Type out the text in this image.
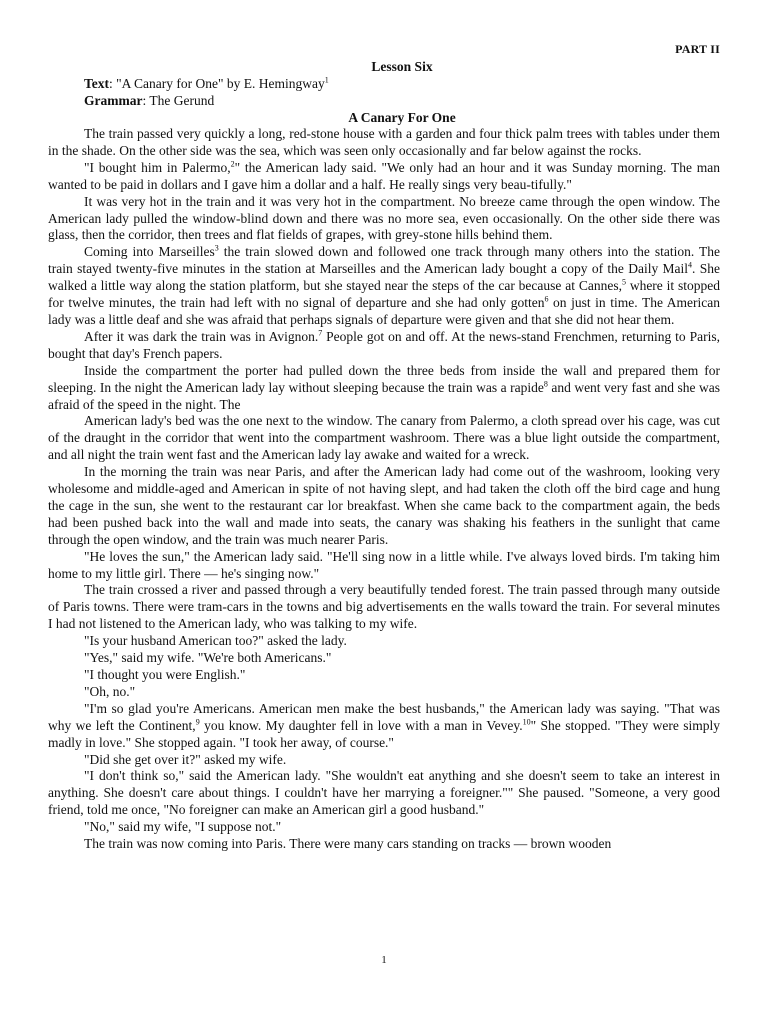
PART II
Lesson Six
Text: "A Canary for One" by E. Hemingway$^1$
Grammar: The Gerund
A Canary For One

The train passed very quickly a long, red-stone house with a garden and four thick palm trees with tables under them in the shade. On the other side was the sea, which was seen only occasionally and far below against the rocks.

"I bought him in Palermo,$^2$" the American lady said. "We only had an hour and it was Sunday morning. The man wanted to be paid in dollars and I gave him a dollar and a half. He really sings very beau-tifully."

It was very hot in the train and it was very hot in the compartment. No breeze came through the open window. The American lady pulled the window-blind down and there was no more sea, even occasionally. On the other side there was glass, then the corridor, then trees and flat fields of grapes, with grey-stone hills behind them.

Coming into Marseilles$^3$ the train slowed down and followed one track through many others into the station. The train stayed twenty-five minutes in the station at Marseilles and the American lady bought a copy of the Daily Mail$^4$. She walked a little way along the station platform, but she stayed near the steps of the car because at Cannes,$^5$ where it stopped for twelve minutes, the train had left with no signal of departure and she had only gotten$^6$ on just in time. The American lady was a little deaf and she was afraid that perhaps signals of departure were given and that she did not hear them.

After it was dark the train was in Avignon.$^7$ People got on and off. At the news-stand Frenchmen, returning to Paris, bought that day's French papers.

Inside the compartment the porter had pulled down the three beds from inside the wall and prepared them for sleeping. In the night the American lady lay without sleeping because the train was a rapide$^8$ and went very fast and she was afraid of the speed in the night. The

American lady's bed was the one next to the window. The canary from Palermo, a cloth spread over his cage, was cut of the draught in the corridor that went into the compartment washroom. There was a blue light outside the compartment, and all night the train went fast and the American lady lay awake and waited for a wreck.

In the morning the train was near Paris, and after the American lady had come out of the washroom, looking very wholesome and middle-aged and American in spite of not having slept, and had taken the cloth off the bird cage and hung the cage in the sun, she went to the restaurant car lor breakfast. When she came back to the compartment again, the beds had been pushed back into the wall and made into seats, the canary was shaking his feathers in the sunlight that came through the open window, and the train was much nearer Paris.

"He loves the sun," the American lady said. "He'll sing now in a little while. I've always loved birds. I'm taking him home to my little girl. There — he's singing now."

The train crossed a river and passed through a very beautifully tended forest. The train passed through many outside of Paris towns. There were tram-cars in the towns and big advertisements en the walls toward the train. For several minutes I had not listened to the American lady, who was talking to my wife.

"Is your husband American too?" asked the lady.

"Yes," said my wife. "We're both Americans."

"I thought you were English."

"Oh, no."

"I'm so glad you're Americans. American men make the best husbands," the American lady was saying. "That was why we left the Continent,$^9$ you know. My daughter fell in love with a man in Vevey.$^{10}$" She stopped. "They were simply madly in love." She stopped again. "I took her away, of course."

"Did she get over it?" asked my wife.

"I don't think so," said the American lady. "She wouldn't eat anything and she doesn't seem to take an interest in anything. She doesn't care about things. I couldn't have her marrying a foreigner."" She paused. "Someone, a very good friend, told me once, "No foreigner can make an American girl a good husband."

"No," said my wife, "I suppose not."

The train was now coming into Paris. There were many cars standing on tracks — brown wooden

1
